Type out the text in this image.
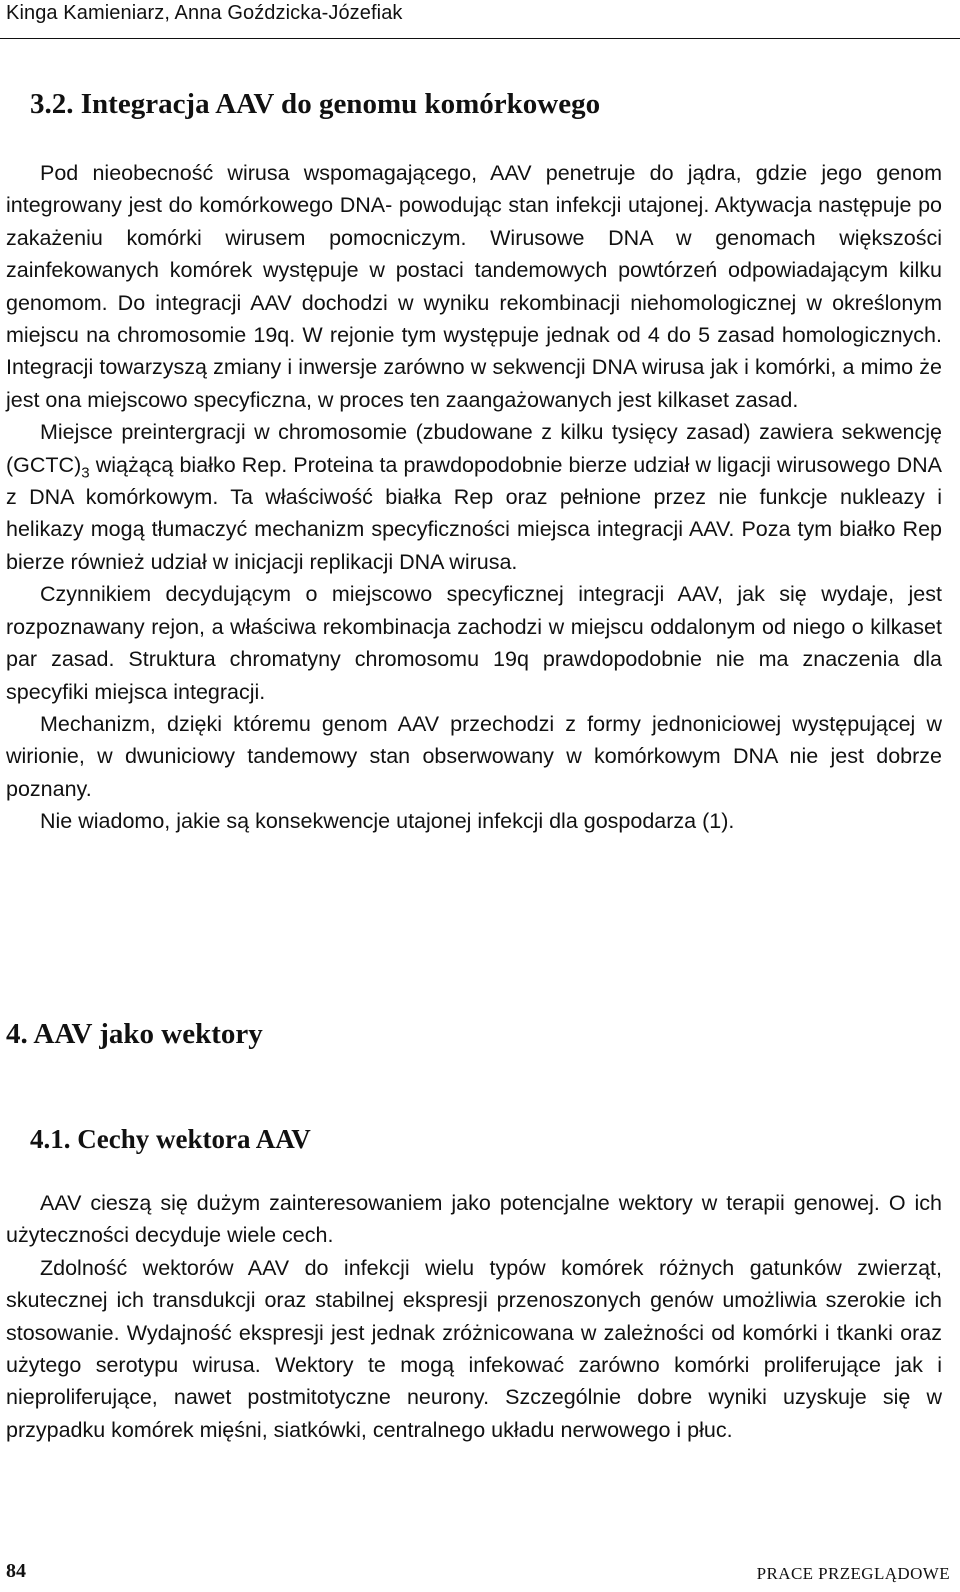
Kinga Kamieniarz, Anna Goździcka-Józefiak
3.2. Integracja AAV do genomu komórkowego

Pod nieobecność wirusa wspomagającego, AAV penetruje do jądra, gdzie jego genom integrowany jest do komórkowego DNA- powodując stan infekcji utajonej. Aktywacja następuje po zakażeniu komórki wirusem pomocniczym. Wirusowe DNA w genomach większości zainfekowanych komórek występuje w postaci tandemowych powtórzeń odpowiadającym kilku genomom. Do integracji AAV dochodzi w wyniku rekombinacji niehomologicznej w określonym miejscu na chromosomie 19q. W rejonie tym występuje jednak od 4 do 5 zasad homologicznych. Integracji towarzyszą zmiany i inwersje zarówno w sekwencji DNA wirusa jak i komórki, a mimo że jest ona miejscowo specyficzna, w proces ten zaangażowanych jest kilkaset zasad.

Miejsce preintergracji w chromosomie (zbudowane z kilku tysięcy zasad) zawiera sekwencję $(GCTC)_3$ wiążącą białko Rep. Proteina ta prawdopodobnie bierze udział w ligacji wirusowego DNA z DNA komórkowym. Ta właściwość białka Rep oraz pełnione przez nie funkcje nukleazy i helikazy mogą tłumaczyć mechanizm specyficzności miejsca integracji AAV. Poza tym białko Rep bierze również udział w inicjacji replikacji DNA wirusa.

Czynnikiem decydującym o miejscowo specyficznej integracji AAV, jak się wydaje, jest rozpoznawany rejon, a właściwa rekombinacja zachodzi w miejscu oddalonym od niego o kilkaset par zasad. Struktura chromatyny chromosomu 19q prawdopodobnie nie ma znaczenia dla specyfiki miejsca integracji.

Mechanizm, dzięki któremu genom AAV przechodzi z formy jednoniciowej występującej w wirionie, w dwuniciowy tandemowy stan obserwowany w komórkowym DNA nie jest dobrze poznany.

Nie wiadomo, jakie są konsekwencje utajonej infekcji dla gospodarza (1).

4. AAV jako wektory
4.1. Cechy wektora AAV

AAV cieszą się dużym zainteresowaniem jako potencjalne wektory w terapii genowej. O ich użyteczności decyduje wiele cech.

Zdolność wektorów AAV do infekcji wielu typów komórek różnych gatunków zwierząt, skutecznej ich transdukcji oraz stabilnej ekspresji przenoszonych genów umożliwia szerokie ich stosowanie. Wydajność ekspresji jest jednak zróżnicowana w zależności od komórki i tkanki oraz użytego serotypu wirusa. Wektory te mogą infekować zarówno komórki proliferujące jak i nieproliferujące, nawet postmitotyczne neurony. Szczególnie dobre wyniki uzyskuje się w przypadku komórek mięśni, siatkówki, centralnego układu nerwowego i płuc.

84	PRACE PRZEGLĄDOWE
